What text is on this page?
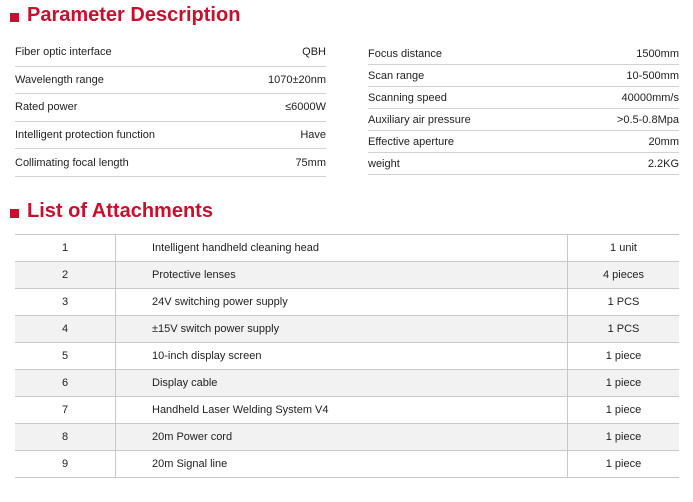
Parameter Description
Fiber optic interface	QBH
Wavelength range	1070±20nm
Rated power	≤6000W
Intelligent protection function	Have
Collimating focal length	75mm
Focus distance	1500mm
Scan range	10-500mm
Scanning speed	40000mm/s
Auxiliary air pressure	>0.5-0.8Mpa
Effective aperture	20mm
weight	2.2KG
List of Attachments
1	Intelligent handheld cleaning head	1 unit
2	Protective lenses	4 pieces
3	24V switching power supply	1 PCS
4	±15V switch power supply	1 PCS
5	10-inch display screen	1 piece
6	Display cable	1 piece
7	Handheld Laser Welding System V4	1 piece
8	20m Power cord	1 piece
9	20m Signal line	1 piece
